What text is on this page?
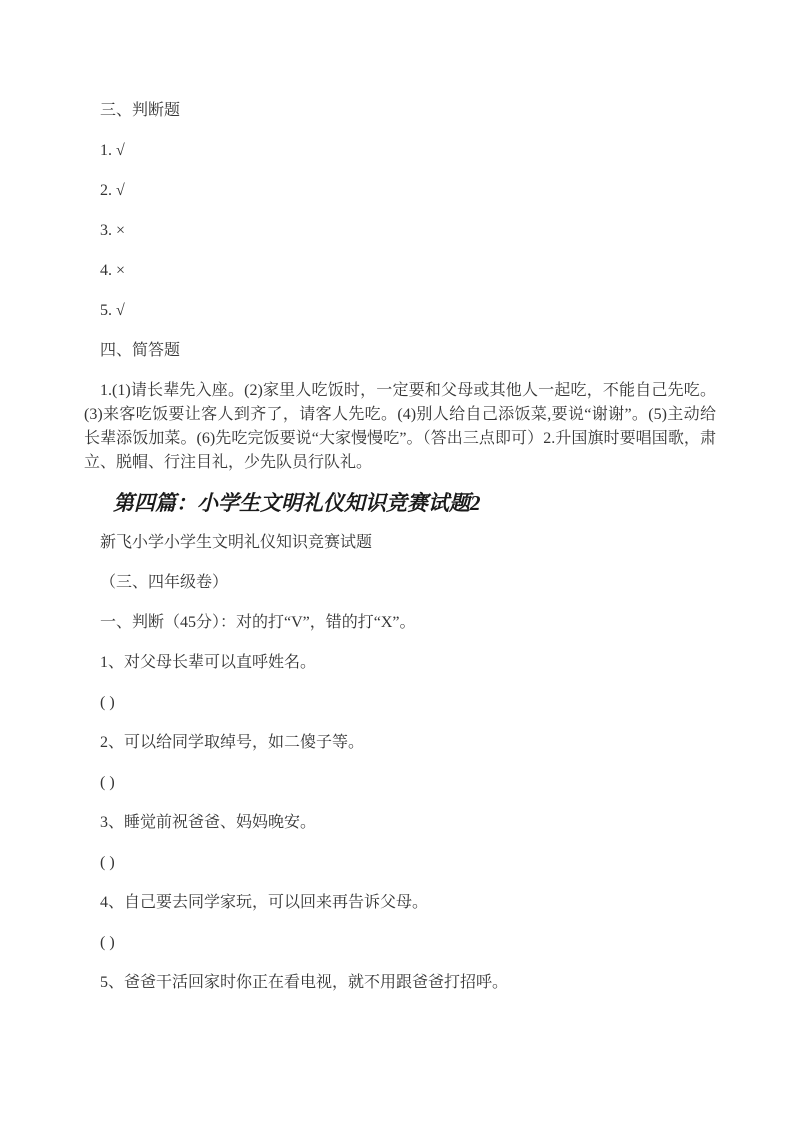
三、判断题

1. √

2. √

3. ×

4. ×

5. √

四、简答题

1.(1)请长辈先入座。(2)家里人吃饭时，一定要和父母或其他人一起吃，不能自己先吃。(3)来客吃饭要让客人到齐了，请客人先吃。(4)别人给自己添饭菜,要说“谢谢”。(5)主动给长辈添饭加菜。(6)先吃完饭要说“大家慢慢吃”。（答出三点即可）2.升国旗时要唱国歌，肃立、脱帽、行注目礼，少先队员行队礼。

第四篇：小学生文明礼仪知识竞赛试题2

新飞小学小学生文明礼仪知识竞赛试题

（三、四年级卷）

一、判断（45分）：对的打“V”，错的打“X”。

1、对父母长辈可以直呼姓名。

( )

2、可以给同学取绰号，如二傻子等。

( )

3、睡觉前祝爸爸、妈妈晚安。

( )

4、自己要去同学家玩，可以回来再告诉父母。

( )

5、爸爸干活回家时你正在看电视，就不用跟爸爸打招呼。
